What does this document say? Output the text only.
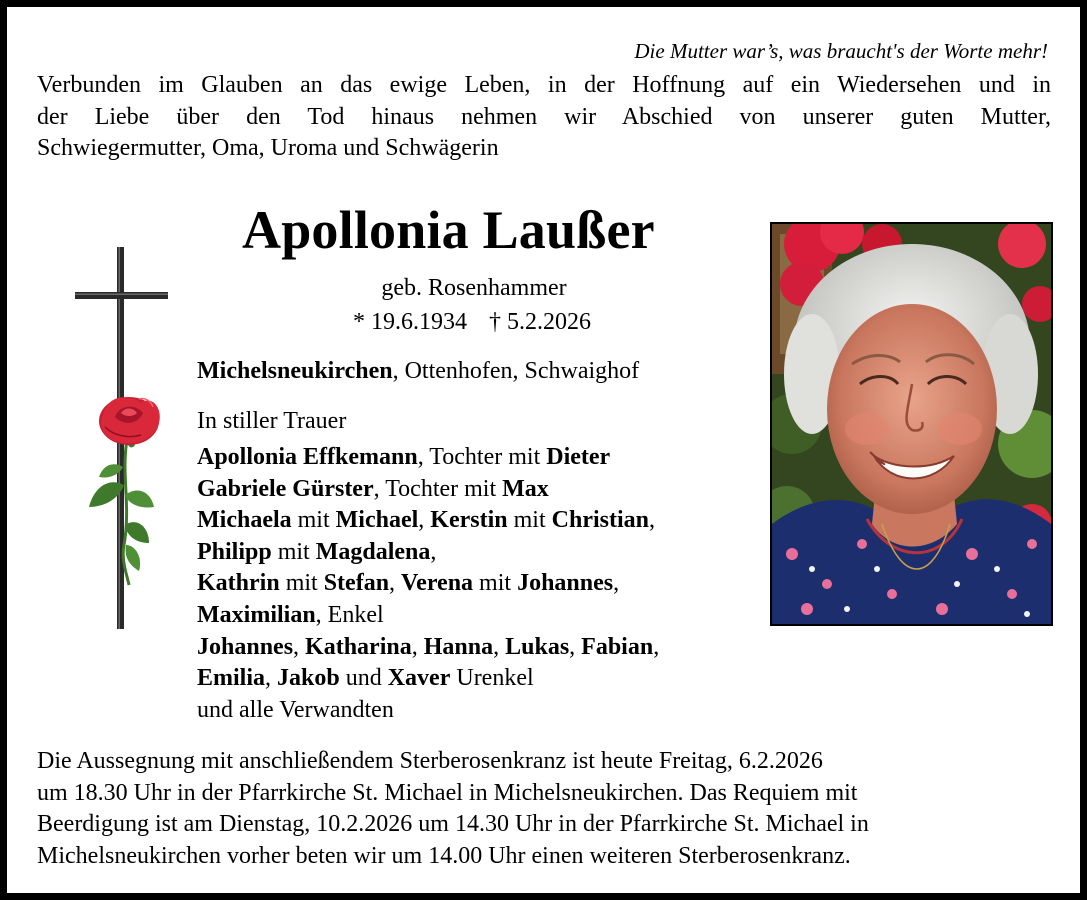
Die Mutter war’s, was braucht's der Worte mehr!
Verbunden im Glauben an das ewige Leben, in der Hoffnung auf ein Wiedersehen und in
der Liebe über den Tod hinaus nehmen wir Abschied von unserer guten Mutter,
Schwiegermutter, Oma, Uroma und Schwägerin
Apollonia Laußer
geb. Rosenhammer
* 19.6.1934 † 5.2.2026
Michelsneukirchen, Ottenhofen, Schwaighof
In stiller Trauer
Apollonia Effkemann, Tochter mit Dieter
Gabriele Gürster, Tochter mit Max
Michaela mit Michael, Kerstin mit Christian,
Philipp mit Magdalena,
Kathrin mit Stefan, Verena mit Johannes,
Maximilian, Enkel
Johannes, Katharina, Hanna, Lukas, Fabian,
Emilia, Jakob und Xaver Urenkel
und alle Verwandten
Die Aussegnung mit anschließendem Sterberosenkranz ist heute Freitag, 6.2.2026
um 18.30 Uhr in der Pfarrkirche St. Michael in Michelsneukirchen. Das Requiem mit
Beerdigung ist am Dienstag, 10.2.2026 um 14.30 Uhr in der Pfarrkirche St. Michael in
Michelsneukirchen vorher beten wir um 14.00 Uhr einen weiteren Sterberosenkranz.
